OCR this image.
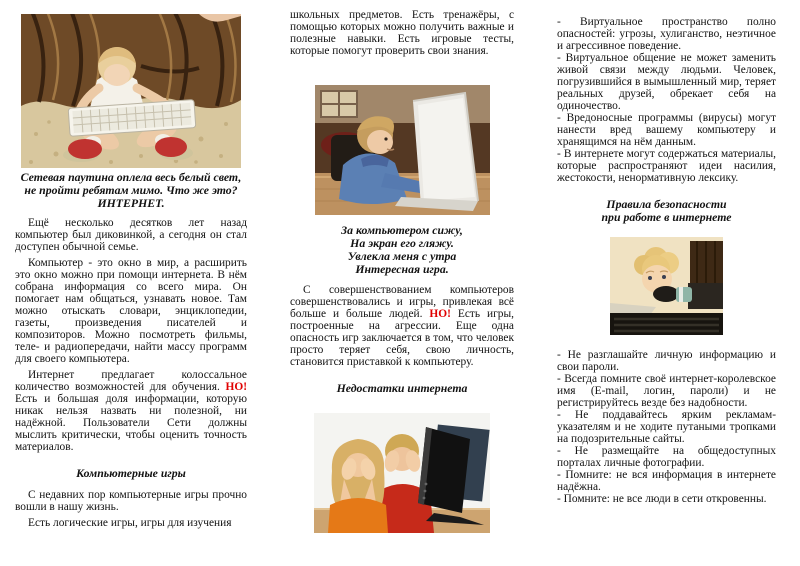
Сетевая паутина оплела весь белый свет, не пройти ребятам мимо. Что же это?

ИНТЕРНЕТ.

Ещё несколько десятков лет назад компьютер был диковинкой, а сегодня он стал доступен обычной семье.

Компьютер - это окно в мир, а расширить это окно можно при помощи интернета. В нём собрана информация со всего мира. Он помогает нам общаться, узнавать новое. Там можно отыскать словари, энциклопедии, газеты, произведения писателей и композиторов. Можно посмотреть фильмы, теле- и радиопередачи, найти массу программ для своего компьютера.

Интернет предлагает колоссальное количество возможностей для обучения. НО! Есть и большая доля информации, которую никак нельзя назвать ни полезной, ни надёжной. Пользователи Сети должны мыслить критически, чтобы оценить точность материалов.

Компьютерные игры

С недавних пор компьютерные игры прочно вошли в нашу жизнь.

Есть логические игры, игры для изучения

школьных предметов. Есть тренажёры, с помощью которых можно получить важные и полезные навыки. Есть игровые тесты, которые помогут проверить свои знания.

За компьютером сижу,

На экран его гляжу.

Увлекла меня с утра

Интересная игра.

С совершенствованием компьютеров совершенствовались и игры, привлекая всё больше и больше людей. НО! Есть игры, построенные на агрессии. Еще одна опасность игр заключается в том, что человек просто теряет себя, свою личность, становится приставкой к компьютеру.

Недостатки интернета

- Виртуальное пространство полно опасностей: угрозы, хулиганство, неэтичное и агрессивное поведение.

- Виртуальное общение не может заменить живой связи между людьми. Человек, погрузившийся в вымышленный мир, теряет реальных друзей, обрекает себя на одиночество.

- Вредоносные программы (вирусы) могут нанести вред вашему компьютеру и хранящимся на нём данным.

- В интернете могут содержаться материалы, которые распространяют идеи насилия, жестокости, ненормативную лексику.

Правила безопасности
при работе в интернете

- Не разглашайте личную информацию и свои пароли.

- Всегда помните своё интернет-королевское имя (E-mail, логин, пароли) и не регистрируйтесь везде без надобности.

- Не поддавайтесь ярким рекламам-указателям и не ходите путаными тропками на подозрительные сайты.

- Не размещайте на общедоступных порталах личные фотографии.

- Помните: не вся информация в интернете надёжна.

- Помните: не все люди в сети откровенны.
